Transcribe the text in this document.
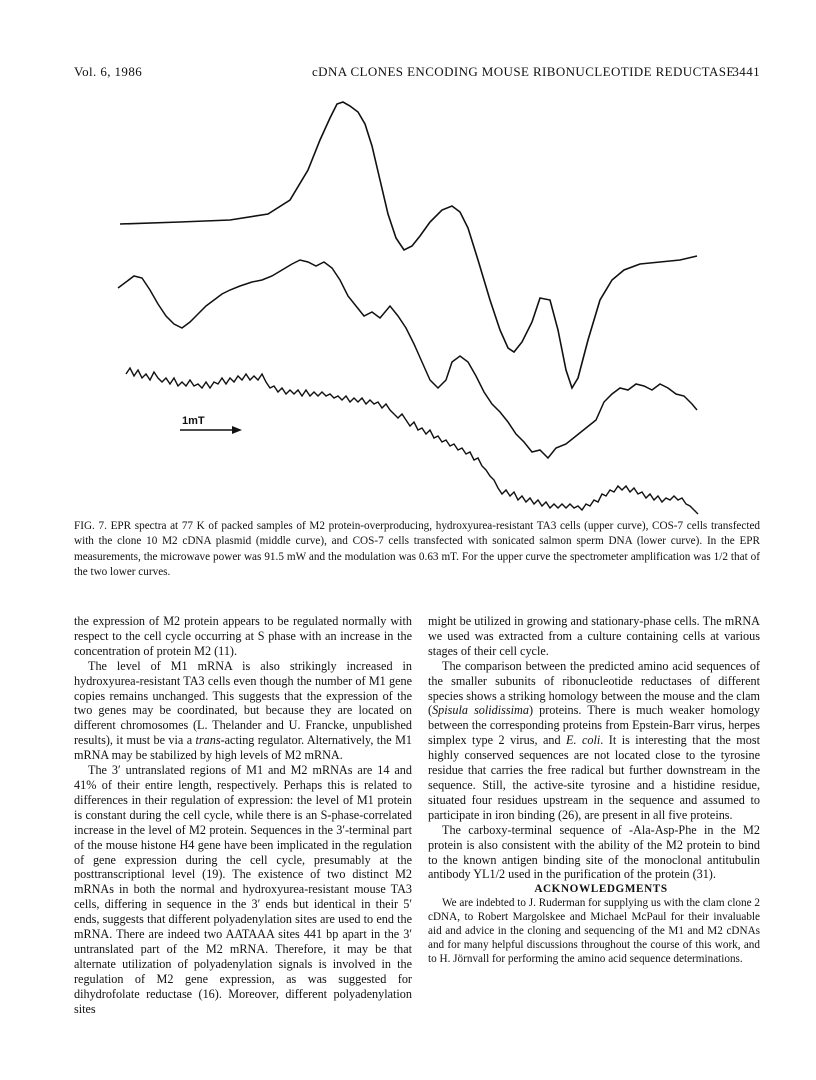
Vol. 6, 1986	cDNA CLONES ENCODING MOUSE RIBONUCLEOTIDE REDUCTASE
3441
1mT
FIG. 7. EPR spectra at 77 K of packed samples of M2 protein-overproducing, hydroxyurea-resistant TA3 cells (upper curve), COS-7 cells transfected with the clone 10 M2 cDNA plasmid (middle curve), and COS-7 cells transfected with sonicated salmon sperm DNA (lower curve). In the EPR measurements, the microwave power was 91.5 mW and the modulation was 0.63 mT. For the upper curve the spectrometer amplification was 1/2 that of the two lower curves.

the expression of M2 protein appears to be regulated normally with respect to the cell cycle occurring at S phase with an increase in the concentration of protein M2 (11).

The level of M1 mRNA is also strikingly increased in hydroxyurea-resistant TA3 cells even though the number of M1 gene copies remains unchanged. This suggests that the expression of the two genes may be coordinated, but because they are located on different chromosomes (L. Thelander and U. Francke, unpublished results), it must be via a trans-acting regulator. Alternatively, the M1 mRNA may be stabilized by high levels of M2 mRNA.

The 3′ untranslated regions of M1 and M2 mRNAs are 14 and 41% of their entire length, respectively. Perhaps this is related to differences in their regulation of expression: the level of M1 protein is constant during the cell cycle, while there is an S-phase-correlated increase in the level of M2 protein. Sequences in the 3′-terminal part of the mouse histone H4 gene have been implicated in the regulation of gene expression during the cell cycle, presumably at the posttranscriptional level (19). The existence of two distinct M2 mRNAs in both the normal and hydroxyurea-resistant mouse TA3 cells, differing in sequence in the 3′ ends but identical in their 5′ ends, suggests that different polyadenylation sites are used to end the mRNA. There are indeed two AATAAA sites 441 bp apart in the 3′ untranslated part of the M2 mRNA. Therefore, it may be that alternate utilization of polyadenylation signals is involved in the regulation of M2 gene expression, as was suggested for dihydrofolate reductase (16). Moreover, different polyadenylation sites

might be utilized in growing and stationary-phase cells. The mRNA we used was extracted from a culture containing cells at various stages of their cell cycle.

The comparison between the predicted amino acid sequences of the smaller subunits of ribonucleotide reductases of different species shows a striking homology between the mouse and the clam (Spisula solidissima) proteins. There is much weaker homology between the corresponding proteins from Epstein-Barr virus, herpes simplex type 2 virus, and E. coli. It is interesting that the most highly conserved sequences are not located close to the tyrosine residue that carries the free radical but further downstream in the sequence. Still, the active-site tyrosine and a histidine residue, situated four residues upstream in the sequence and assumed to participate in iron binding (26), are present in all five proteins.

The carboxy-terminal sequence of -Ala-Asp-Phe in the M2 protein is also consistent with the ability of the M2 protein to bind to the known antigen binding site of the monoclonal antitubulin antibody YL1/2 used in the purification of the protein (31).

ACKNOWLEDGMENTS

We are indebted to J. Ruderman for supplying us with the clam clone 2 cDNA, to Robert Margolskee and Michael McPaul for their invaluable aid and advice in the cloning and sequencing of the M1 and M2 cDNAs and for many helpful discussions throughout the course of this work, and to H. Jörnvall for performing the amino acid sequence determinations.
